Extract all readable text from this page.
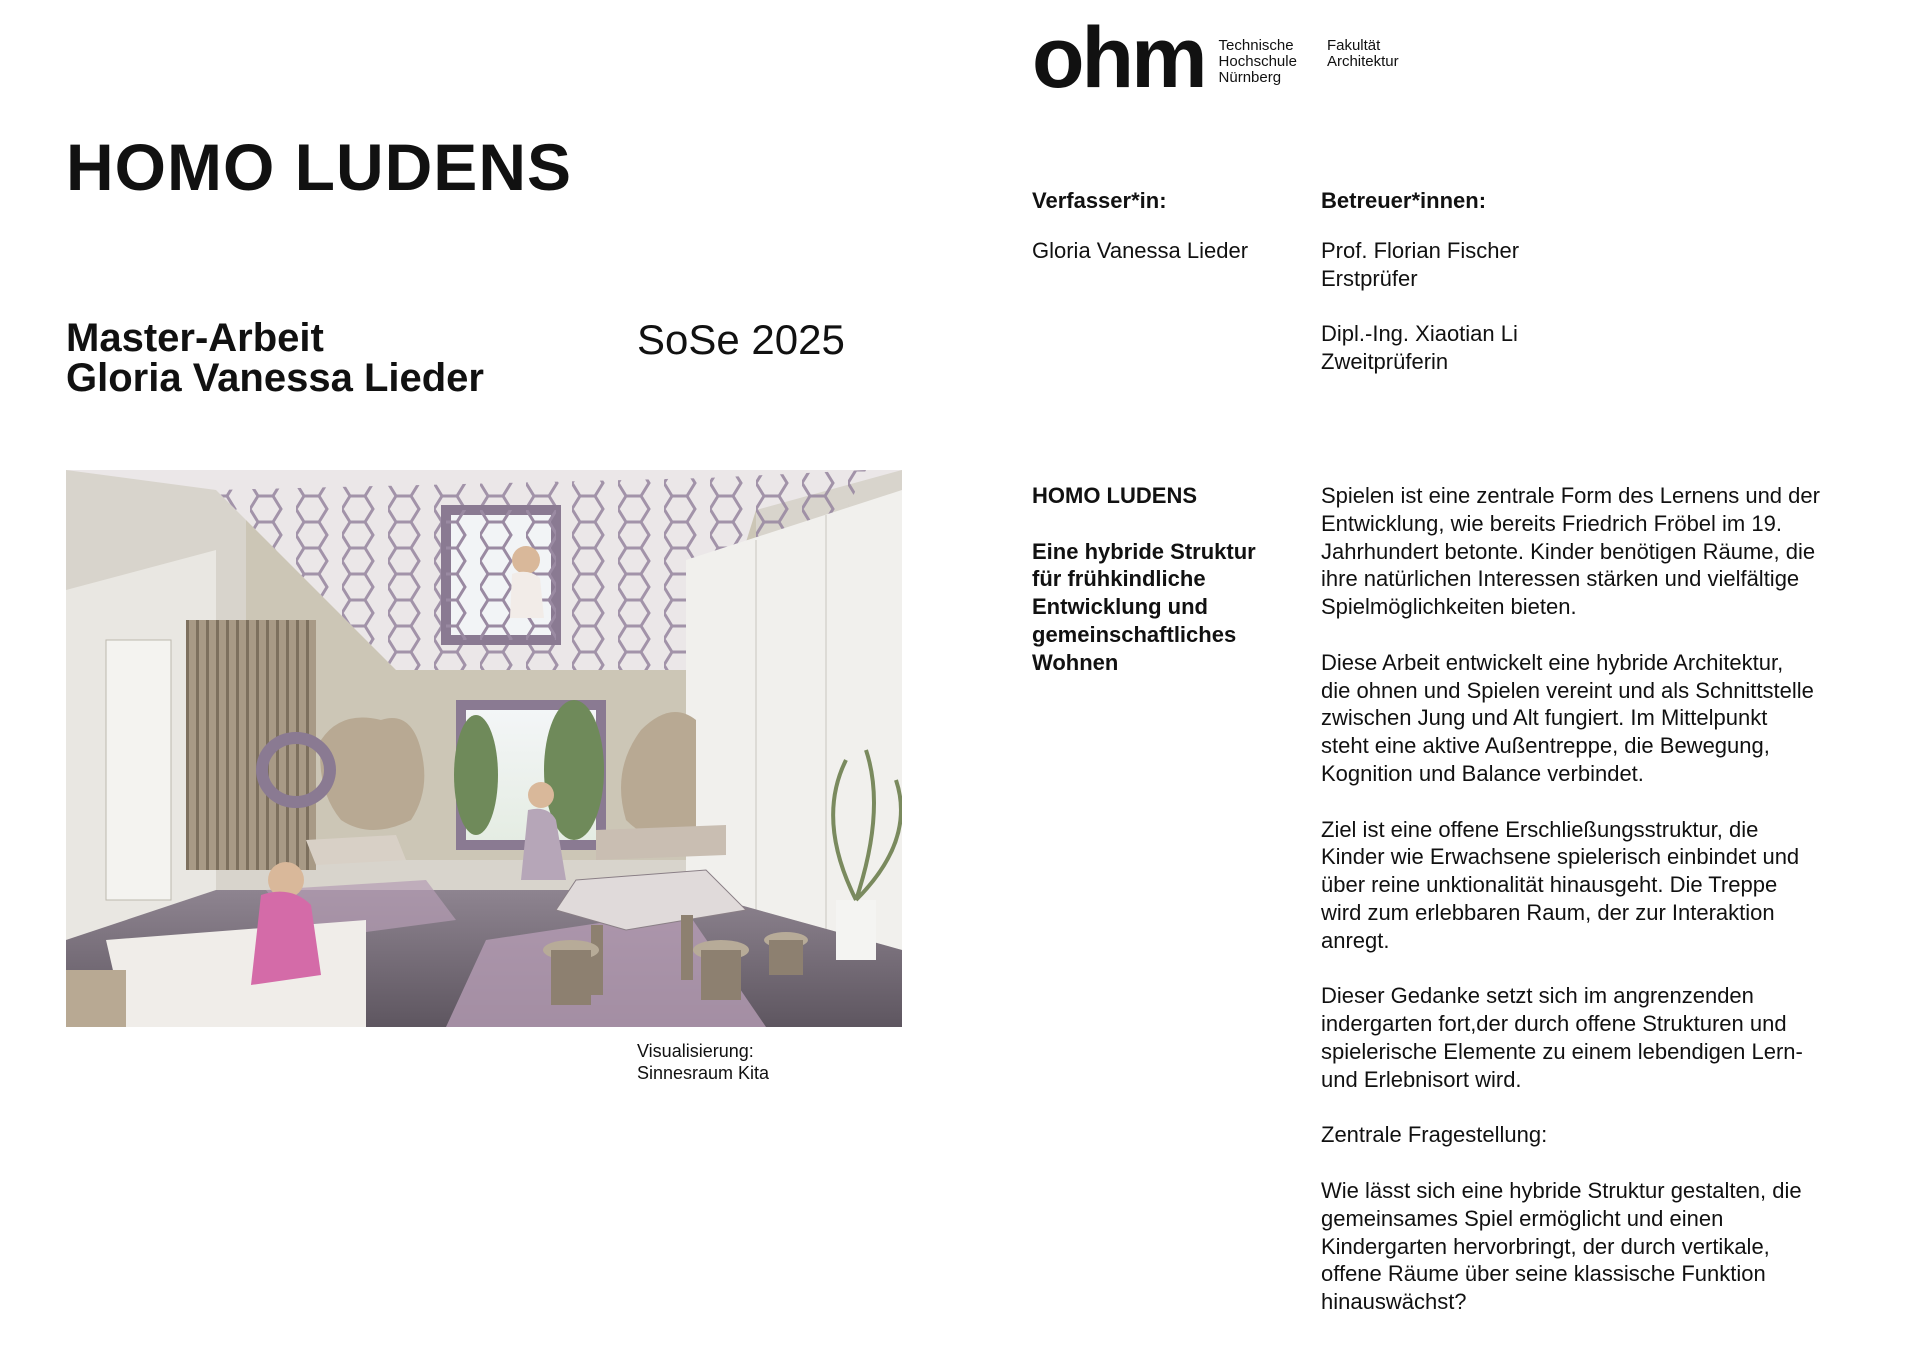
HOMO LUDENS
Master-Arbeit
Gloria Vanessa Lieder
SoSe 2025
Visualisierung:
Sinnesraum Kita
ohm Technische
Hochschule
Nürnberg
Fakultät
Architektur
Verfasser*in:	Betreuer*innen:
Gloria Vanessa Lieder	Prof. Florian Fischer
Erstprüfer
Dipl.-Ing. Xiaotian Li
Zweitprüferin
HOMO LUDENS
Eine hybride Struktur
für frühkindliche
Entwicklung und
gemeinschaftliches
Wohnen
Spielen ist eine zentrale Form des Lernens und der
Entwicklung, wie bereits Friedrich Fröbel im 19.
Jahrhundert betonte. Kinder benötigen Räume, die
ihre natürlichen Interessen stärken und vielfältige
Spielmöglichkeiten bieten.
Diese Arbeit entwickelt eine hybride Architektur,
die ohnen und Spielen vereint und als Schnittstelle
zwischen Jung und Alt fungiert. Im Mittelpunkt
steht eine aktive Außentreppe, die Bewegung,
Kognition und Balance verbindet.
Ziel ist eine offene Erschließungsstruktur, die
Kinder wie Erwachsene spielerisch einbindet und
über reine unktionalität hinausgeht. Die Treppe
wird zum erlebbaren Raum, der zur Interaktion
anregt.
Dieser Gedanke setzt sich im angrenzenden
indergarten fort,der durch offene Strukturen und
spielerische Elemente zu einem lebendigen Lern-
und Erlebnisort wird.
Zentrale Fragestellung:
Wie lässt sich eine hybride Struktur gestalten, die
gemeinsames Spiel ermöglicht und einen
Kindergarten hervorbringt, der durch vertikale,
offene Räume über seine klassische Funktion
hinauswächst?
